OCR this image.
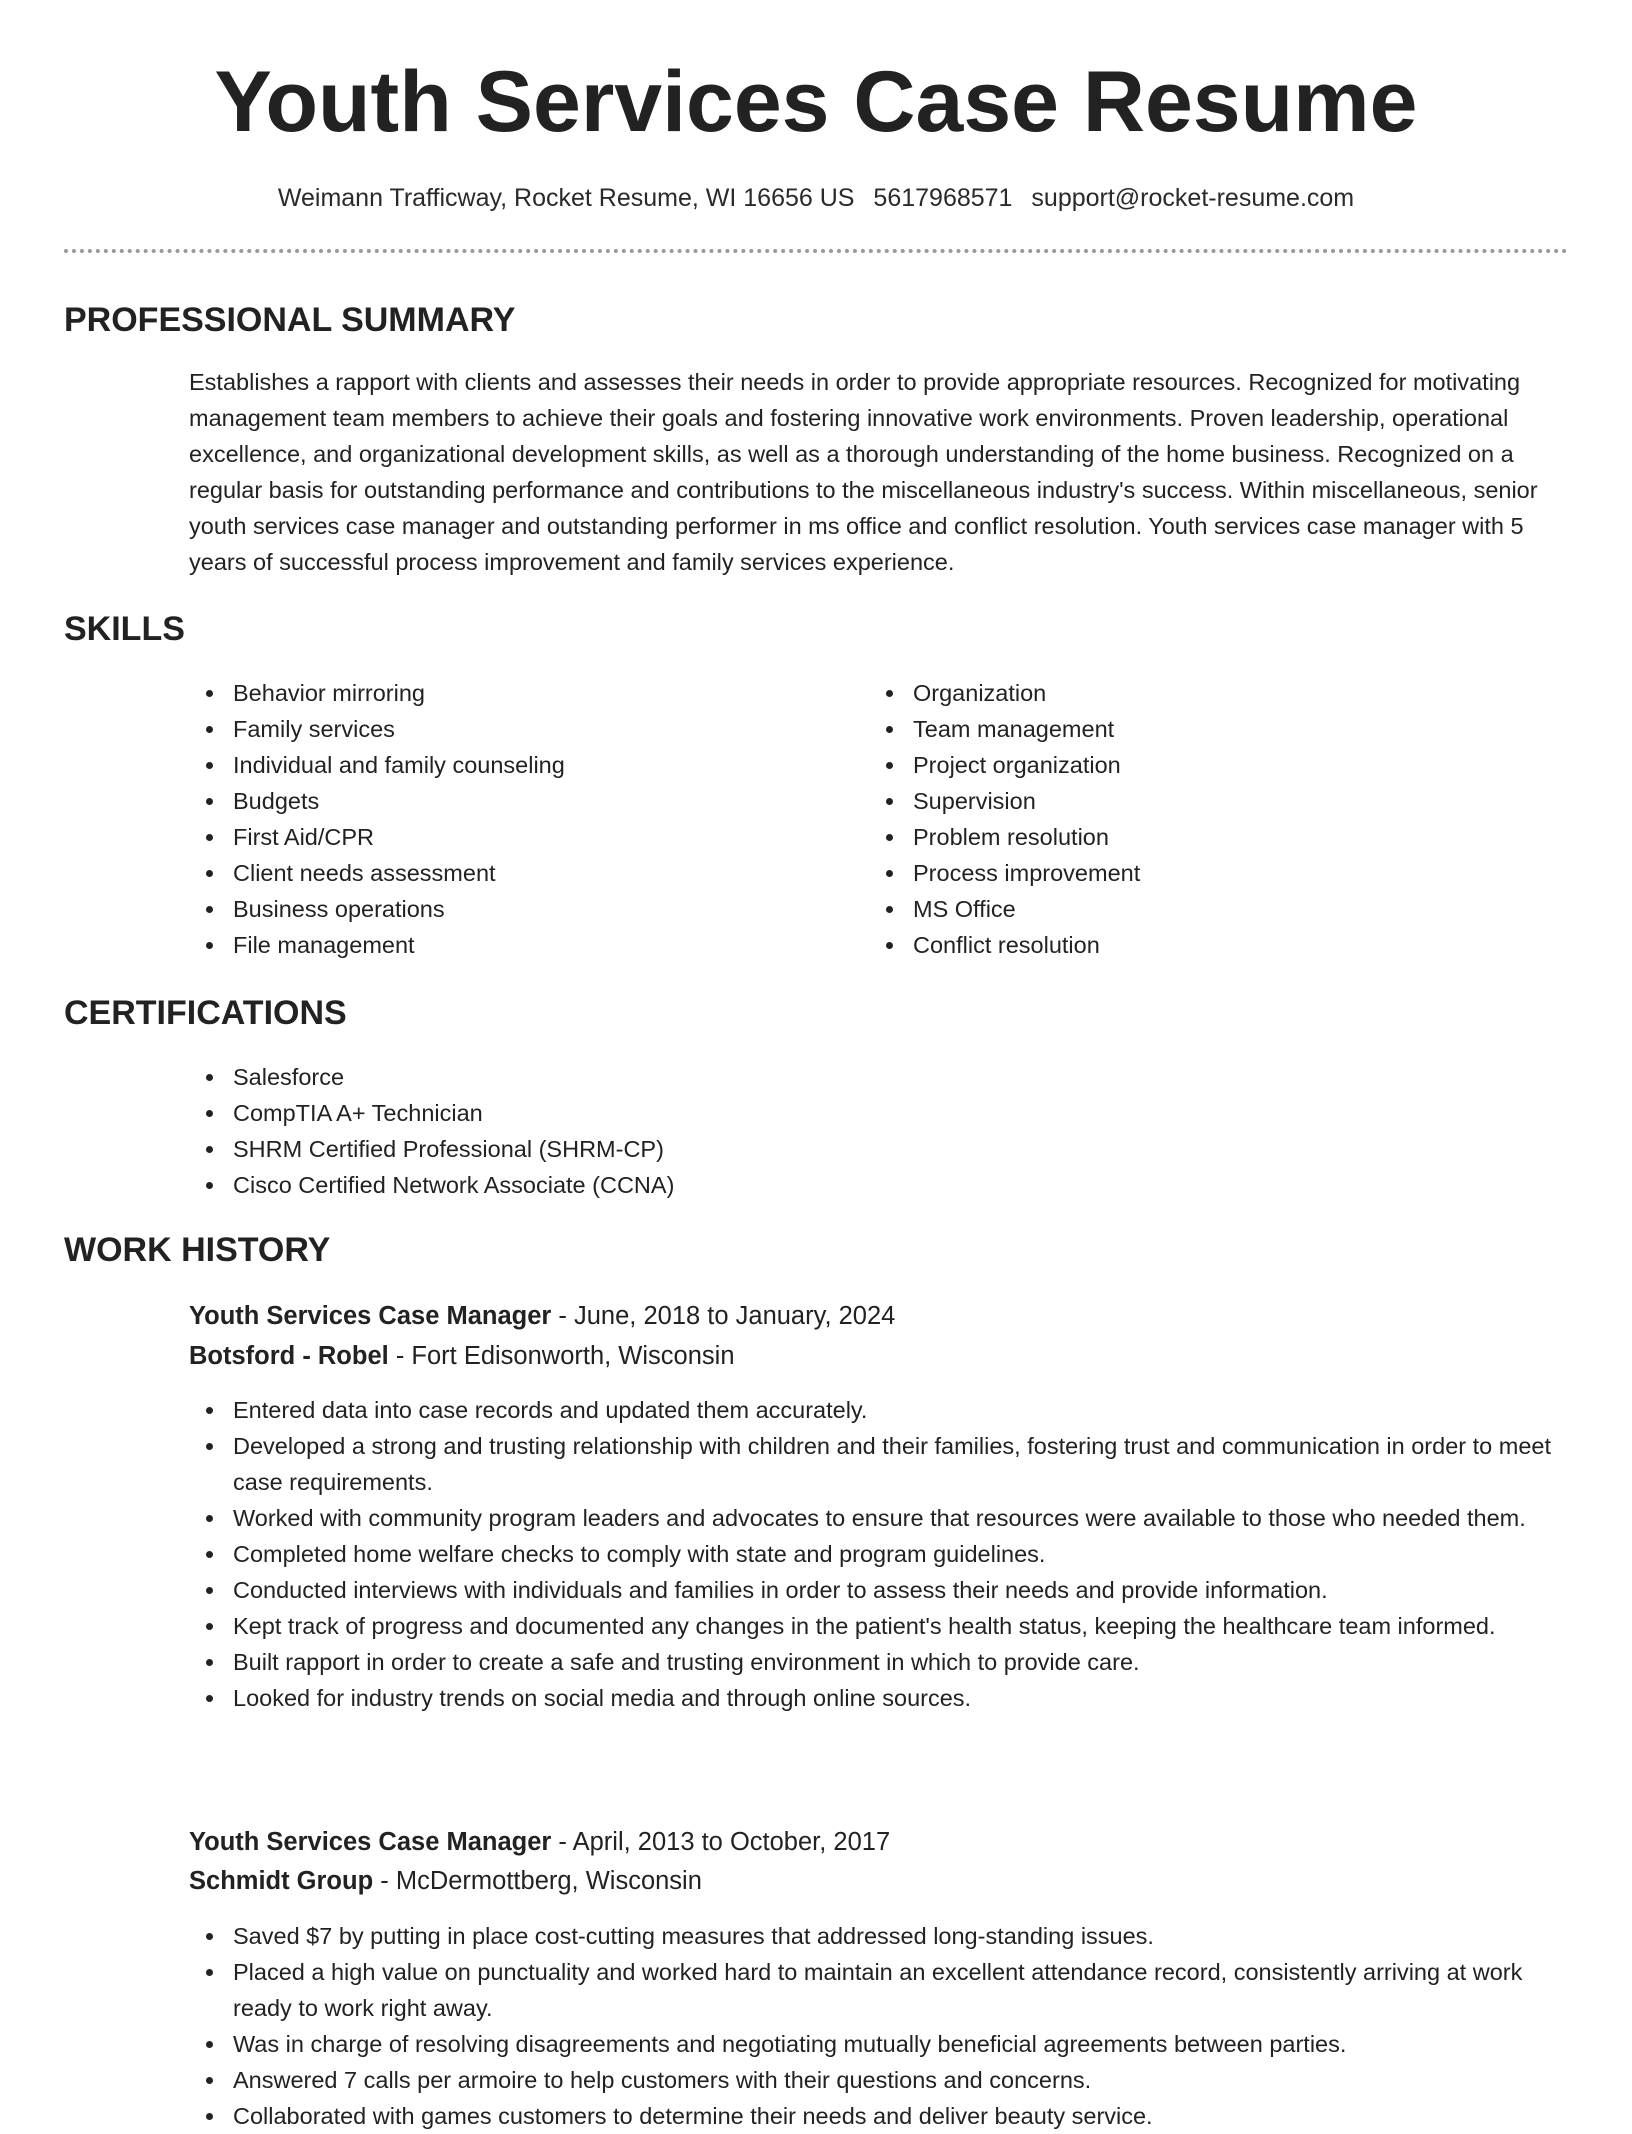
Youth Services Case Resume
Weimann Trafficway, Rocket Resume, WI 16656 US 5617968571 support@rocket-resume.com
PROFESSIONAL SUMMARY

Establishes a rapport with clients and assesses their needs in order to provide appropriate resources. Recognized for motivating management team members to achieve their goals and fostering innovative work environments. Proven leadership, operational excellence, and organizational development skills, as well as a thorough understanding of the home business. Recognized on a regular basis for outstanding performance and contributions to the miscellaneous industry's success. Within miscellaneous, senior youth services case manager and outstanding performer in ms office and conflict resolution. Youth services case manager with 5 years of successful process improvement and family services experience.

SKILLS
Behavior mirroring
Family services
Individual and family counseling
Budgets
First Aid/CPR
Client needs assessment
Business operations
File management
Organization
Team management
Project organization
Supervision
Problem resolution
Process improvement
MS Office
Conflict resolution
CERTIFICATIONS
Salesforce
CompTIA A+ Technician
SHRM Certified Professional (SHRM-CP)
Cisco Certified Network Associate (CCNA)
WORK HISTORY
Youth Services Case Manager - June, 2018 to January, 2024
Botsford - Robel - Fort Edisonworth, Wisconsin
Entered data into case records and updated them accurately.
Developed a strong and trusting relationship with children and their families, fostering trust and communication in order to meet case requirements.
Worked with community program leaders and advocates to ensure that resources were available to those who needed them.
Completed home welfare checks to comply with state and program guidelines.
Conducted interviews with individuals and families in order to assess their needs and provide information.
Kept track of progress and documented any changes in the patient's health status, keeping the healthcare team informed.
Built rapport in order to create a safe and trusting environment in which to provide care.
Looked for industry trends on social media and through online sources.
Youth Services Case Manager - April, 2013 to October, 2017
Schmidt Group - McDermottberg, Wisconsin
Saved $7 by putting in place cost-cutting measures that addressed long-standing issues.
Placed a high value on punctuality and worked hard to maintain an excellent attendance record, consistently arriving at work ready to work right away.
Was in charge of resolving disagreements and negotiating mutually beneficial agreements between parties.
Answered 7 calls per armoire to help customers with their questions and concerns.
Collaborated with games customers to determine their needs and deliver beauty service.
